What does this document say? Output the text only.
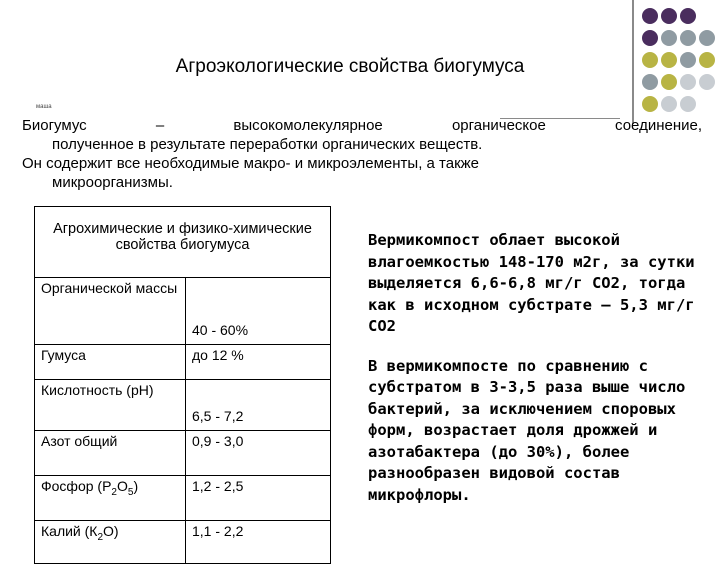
Агроэкологические свойства биогумуса
маша

Биогумус – высокомолекулярное органическое соединение,

полученное в результате переработки органических веществ.

Он содержит все необходимые макро- и микроэлементы, а также

микроорганизмы.

Агрохимические и физико-химические свойства биогумуса	
Органической массы	40 - 60%
Гумуса	до 12 %
Кислотность (рН)	6,5 - 7,2
Азот общий	0,9 - 3,0
Фосфор $(Р_2О_5)$	1,2 - 2,5
Калий $(К_2О)$	1,1 - 2,2

Вермикомпост облает высокой влагоемкостью 148-170 м2г, за сутки выделяется 6,6-6,8 мг/г СО2, тогда как в исходном субстрате – 5,3 мг/г СО2

В вермикомпосте по сравнению с субстратом в 3-3,5 раза выше число бактерий, за исключением споровых форм, возрастает доля дрожжей и азотабактера (до 30%), более разнообразен видовой состав микрофлоры.
